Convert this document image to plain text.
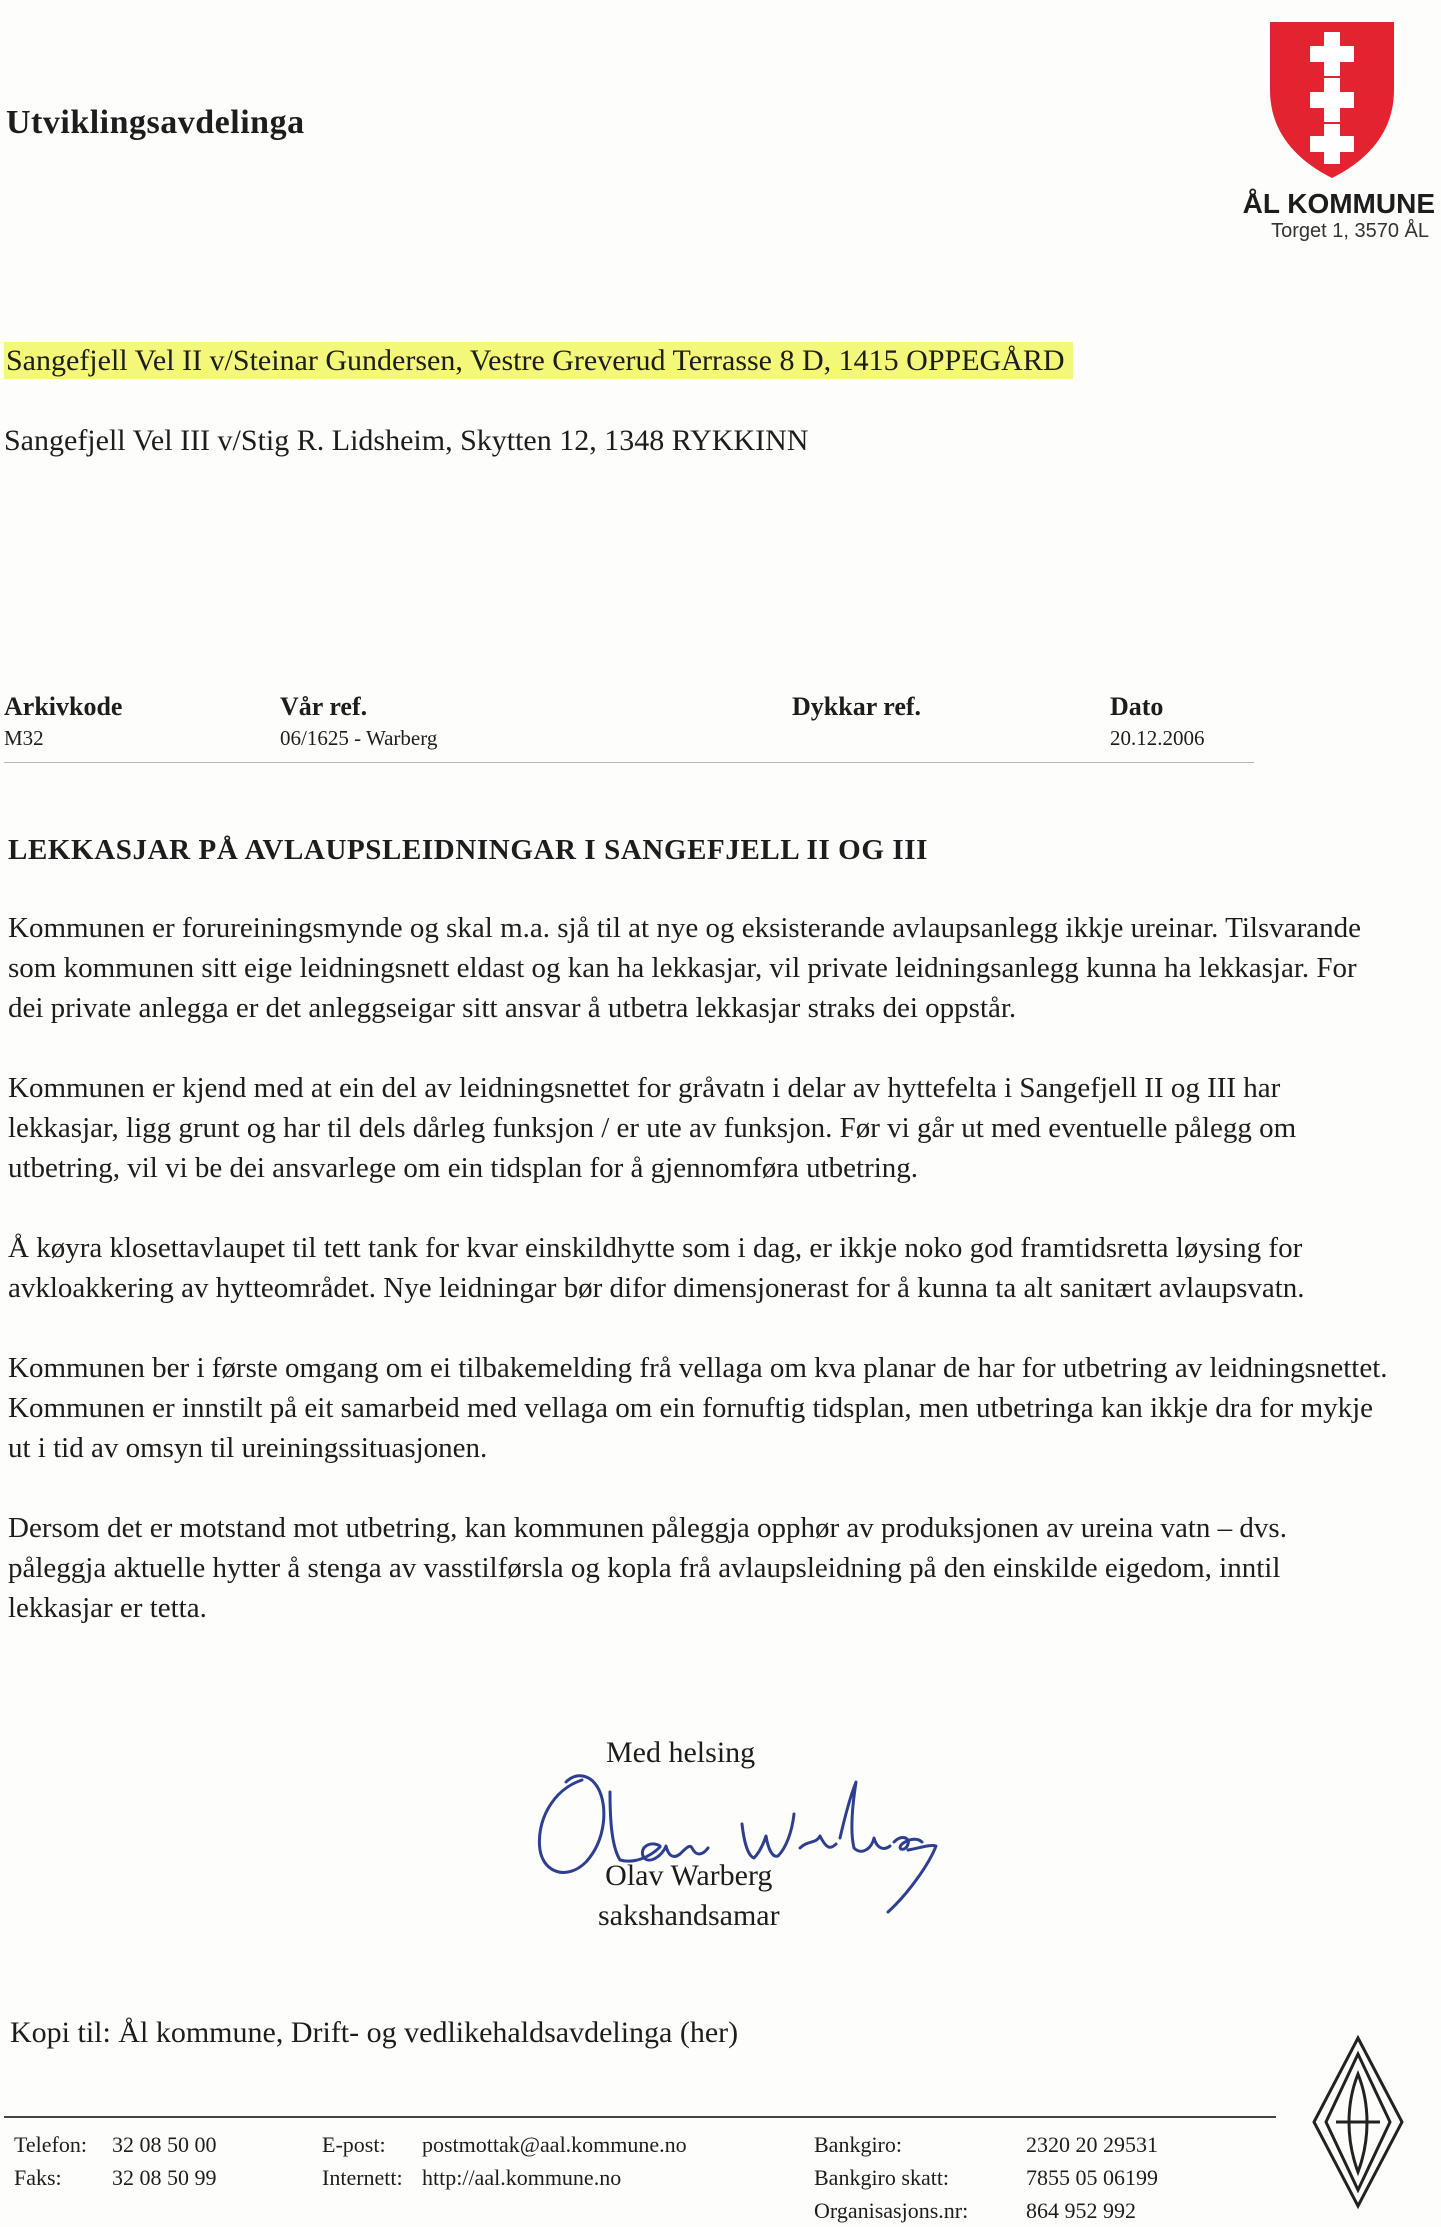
Utviklingsavdelinga
ÅL KOMMUNE
Torget 1, 3570 ÅL
Sangefjell Vel II v/Steinar Gundersen, Vestre Greverud Terrasse 8 D, 1415 OPPEGÅRD
Sangefjell Vel III v/Stig R. Lidsheim, Skytten 12, 1348 RYKKINN
Arkivkode
M32
Vår ref.
06/1625 - Warberg
Dykkar ref.	Dato
20.12.2006
LEKKASJAR PÅ AVLAUPSLEIDNINGAR I SANGEFJELL II OG III

Kommunen er forureiningsmynde og skal m.a. sjå til at nye og eksisterande avlaupsanlegg ikkje ureinar. Tilsvarande som kommunen sitt eige leidningsnett eldast og kan ha lekkasjar, vil private leidningsanlegg kunna ha lekkasjar. For dei private anlegga er det anleggseigar sitt ansvar å utbetra lekkasjar straks dei oppstår.

Kommunen er kjend med at ein del av leidningsnettet for gråvatn i delar av hyttefelta i Sangefjell II og III har lekkasjar, ligg grunt og har til dels dårleg funksjon / er ute av funksjon. Før vi går ut med eventuelle pålegg om utbetring, vil vi be dei ansvarlege om ein tidsplan for å gjennomføra utbetring.

Å køyra klosettavlaupet til tett tank for kvar einskildhytte som i dag, er ikkje noko god framtidsretta løysing for avkloakkering av hytteområdet. Nye leidningar bør difor dimensjonerast for å kunna ta alt sanitært avlaupsvatn.

Kommunen ber i første omgang om ei tilbakemelding frå vellaga om kva planar de har for utbetring av leidningsnettet. Kommunen er innstilt på eit samarbeid med vellaga om ein fornuftig tidsplan, men utbetringa kan ikkje dra for mykje ut i tid av omsyn til ureiningssituasjonen.

Dersom det er motstand mot utbetring, kan kommunen påleggja opphør av produksjonen av ureina vatn – dvs. påleggja aktuelle hytter å stenga av vasstilførsla og kopla frå avlaupsleidning på den einskilde eigedom, inntil lekkasjar er tetta.

Med helsing
Olav Warberg
sakshandsamar
Kopi til: Ål kommune, Drift- og vedlikehaldsavdelinga (her)
Telefon:
Faks:
32 08 50 00
32 08 50 99
E-post:
Internett:
postmottak@aal.kommune.no
http://aal.kommune.no
Bankgiro:
Bankgiro skatt:
Organisasjons.nr:
2320 20 29531
7855 05 06199
864 952 992
